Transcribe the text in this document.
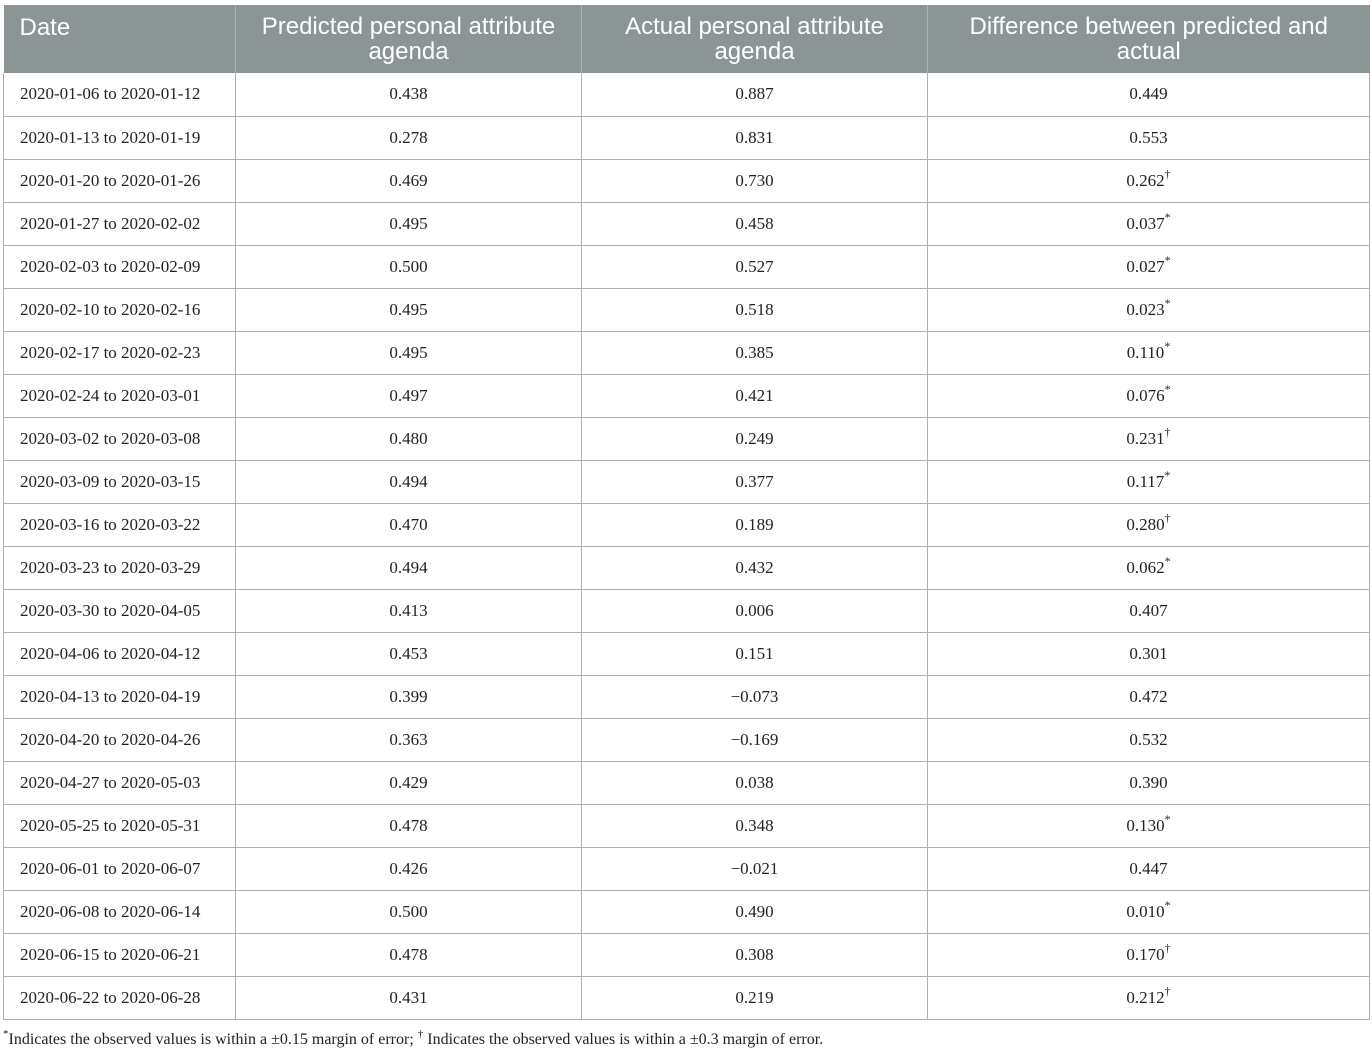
Date	Predicted personal attribute agenda	Actual personal attribute agenda	Difference between predicted and actual
2020-01-06 to 2020-01-12	0.438	0.887	0.449
2020-01-13 to 2020-01-19	0.278	0.831	0.553
2020-01-20 to 2020-01-26	0.469	0.730	0.262†
2020-01-27 to 2020-02-02	0.495	0.458	0.037*
2020-02-03 to 2020-02-09	0.500	0.527	0.027*
2020-02-10 to 2020-02-16	0.495	0.518	0.023*
2020-02-17 to 2020-02-23	0.495	0.385	0.110*
2020-02-24 to 2020-03-01	0.497	0.421	0.076*
2020-03-02 to 2020-03-08	0.480	0.249	0.231†
2020-03-09 to 2020-03-15	0.494	0.377	0.117*
2020-03-16 to 2020-03-22	0.470	0.189	0.280†
2020-03-23 to 2020-03-29	0.494	0.432	0.062*
2020-03-30 to 2020-04-05	0.413	0.006	0.407
2020-04-06 to 2020-04-12	0.453	0.151	0.301
2020-04-13 to 2020-04-19	0.399	−0.073	0.472
2020-04-20 to 2020-04-26	0.363	−0.169	0.532
2020-04-27 to 2020-05-03	0.429	0.038	0.390
2020-05-25 to 2020-05-31	0.478	0.348	0.130*
2020-06-01 to 2020-06-07	0.426	−0.021	0.447
2020-06-08 to 2020-06-14	0.500	0.490	0.010*
2020-06-15 to 2020-06-21	0.478	0.308	0.170†
2020-06-22 to 2020-06-28	0.431	0.219	0.212†
*Indicates the observed values is within a ±0.15 margin of error; † Indicates the observed values is within a ±0.3 margin of error.
